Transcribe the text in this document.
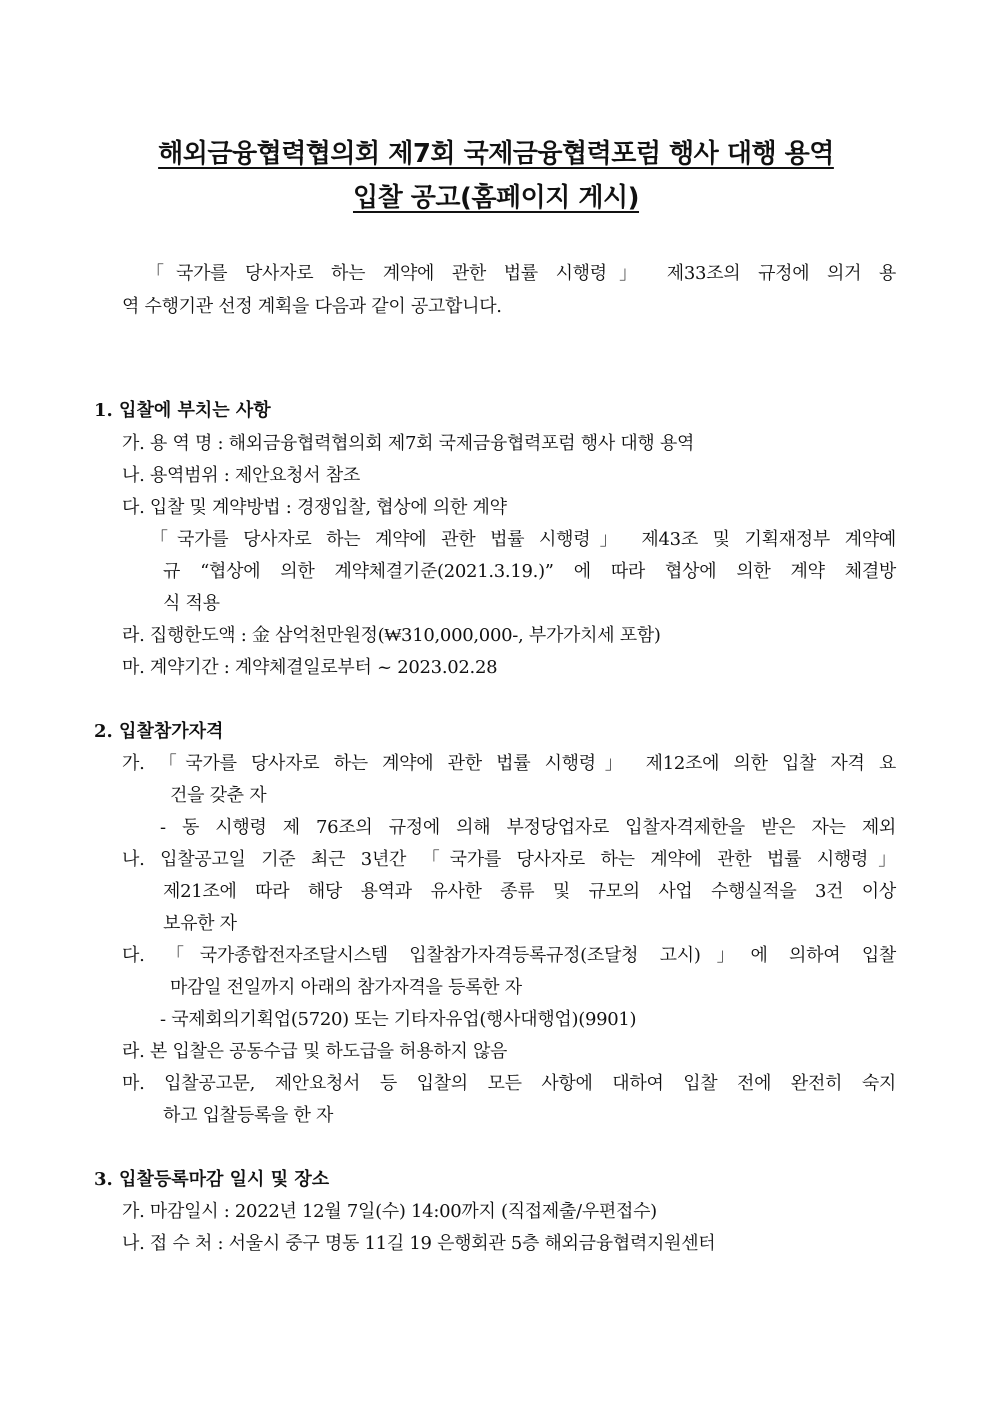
해외금융협력협의회 제7회 국제금융협력포럼 행사 대행 용역
입찰 공고(홈페이지 게시)
「국가를 당사자로 하는 계약에 관한 법률 시행령」 제33조의 규정에 의거 용
역 수행기관 선정 계획을 다음과 같이 공고합니다.
1. 입찰에 부치는 사항
가. 용 역 명 : 해외금융협력협의회 제7회 국제금융협력포럼 행사 대행 용역
나. 용역범위 : 제안요청서 참조
다. 입찰 및 계약방법 : 경쟁입찰, 협상에 의한 계약
「국가를 당사자로 하는 계약에 관한 법률 시행령」 제43조 및 기획재정부 계약예
규 “협상에 의한 계약체결기준(2021.3.19.)” 에 따라 협상에 의한 계약 체결방
식 적용
라. 집행한도액 : 金 삼억천만원정(₩310,000,000-, 부가가치세 포함)
마. 계약기간 : 계약체결일로부터 ~ 2023.02.28
2. 입찰참가자격
가. 「국가를 당사자로 하는 계약에 관한 법률 시행령」 제12조에 의한 입찰 자격 요
건을 갖춘 자
- 동 시행령 제 76조의 규정에 의해 부정당업자로 입찰자격제한을 받은 자는 제외
나. 입찰공고일 기준 최근 3년간 「국가를 당사자로 하는 계약에 관한 법률 시행령」
제21조에 따라 해당 용역과 유사한 종류 및 규모의 사업 수행실적을 3건 이상
보유한 자
다. 「국가종합전자조달시스템 입찰참가자격등록규정(조달청 고시)」에 의하여 입찰
마감일 전일까지 아래의 참가자격을 등록한 자
- 국제회의기획업(5720) 또는 기타자유업(행사대행업)(9901)
라. 본 입찰은 공동수급 및 하도급을 허용하지 않음
마. 입찰공고문, 제안요청서 등 입찰의 모든 사항에 대하여 입찰 전에 완전히 숙지
하고 입찰등록을 한 자
3. 입찰등록마감 일시 및 장소
가. 마감일시 : 2022년 12월 7일(수) 14:00까지 (직접제출/우편접수)
나. 접 수 처 : 서울시 중구 명동 11길 19 은행회관 5층 해외금융협력지원센터
